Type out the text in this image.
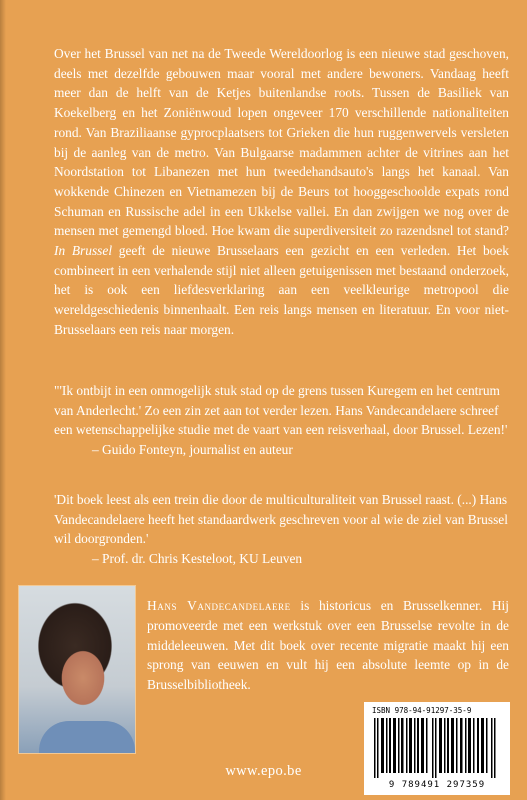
Over het Brussel van net na de Tweede Wereldoorlog is een nieuwe stad geschoven, deels met dezelfde gebouwen maar vooral met andere bewoners. Vandaag heeft meer dan de helft van de Ketjes buitenlandse roots. Tussen de Basiliek van Koekelberg en het Zoniënwoud lopen ongeveer 170 verschillende nationaliteiten rond. Van Braziliaanse gyprocplaatsers tot Grieken die hun ruggenwervels versleten bij de aanleg van de metro. Van Bulgaarse madammen achter de vitrines aan het Noordstation tot Libanezen met hun tweedehandsauto's langs het kanaal. Van wokkende Chinezen en Vietnamezen bij de Beurs tot hooggeschoolde expats rond Schuman en Russische adel in een Ukkelse vallei. En dan zwijgen we nog over de mensen met gemengd bloed. Hoe kwam die superdiversiteit zo razendsnel tot stand? In Brussel geeft de nieuwe Brusselaars een gezicht en een verleden. Het boek combineert in een verhalende stijl niet alleen getuigenissen met bestaand onderzoek, het is ook een liefdesverklaring aan een veelkleurige metropool die wereldgeschiedenis binnenhaalt. Een reis langs mensen en literatuur. En voor niet-Brusselaars een reis naar morgen.

"'Ik ontbijt in een onmogelijk stuk stad op de grens tussen Kuregem en het centrum van Anderlecht.' Zo een zin zet aan tot verder lezen. Hans Vandecandelaere schreef een wetenschappelijke studie met de vaart van een reisverhaal, door Brussel. Lezen!'
– Guido Fonteyn, journalist en auteur

'Dit boek leest als een trein die door de multiculturaliteit van Brussel raast. (...) Hans Vandecandelaere heeft het standaardwerk geschreven voor al wie de ziel van Brussel wil doorgronden.'
– Prof. dr. Chris Kesteloot, KU Leuven

Hans Vandecandelaere is historicus en Brusselkenner. Hij promoveerde met een werkstuk over een Brusselse revolte in de middeleeuwen. Met dit boek over recente migratie maakt hij een sprong van eeuwen en vult hij een absolute leemte op in de Brusselbibliotheek.

ISBN 978-94-91297-35-9
9 789491 297359
www.epo.be
